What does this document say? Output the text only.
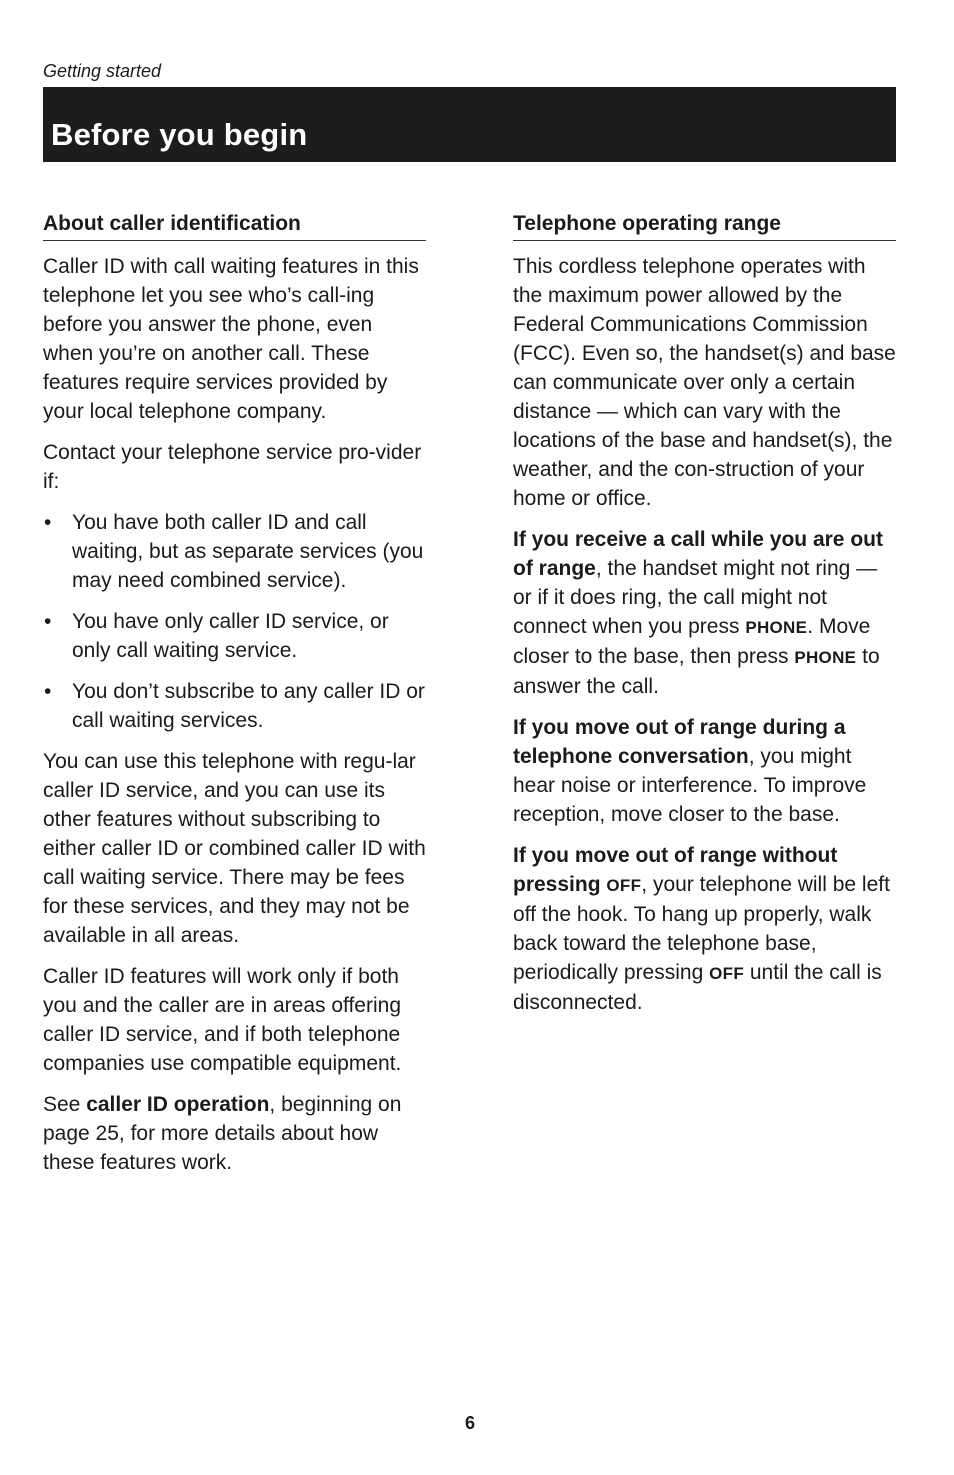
Getting started
Before you begin
About caller identification

Caller ID with call waiting features in this telephone let you see who’s call-ing before you answer the phone, even when you’re on another call. These features require services provided by your local telephone company.

Contact your telephone service pro-vider if:

• You have both caller ID and call waiting, but as separate services (you may need combined service).
• You have only caller ID service, or only call waiting service.
• You don’t subscribe to any caller ID or call waiting services.

You can use this telephone with regu-lar caller ID service, and you can use its other features without subscribing to either caller ID or combined caller ID with call waiting service. There may be fees for these services, and they may not be available in all areas.

Caller ID features will work only if both you and the caller are in areas offering caller ID service, and if both telephone companies use compatible equipment.

See caller ID operation, beginning on page 25, for more details about how these features work.

Telephone operating range

This cordless telephone operates with the maximum power allowed by the Federal Communications Commission (FCC). Even so, the handset(s) and base can communicate over only a certain distance — which can vary with the locations of the base and handset(s), the weather, and the con-struction of your home or office.

If you receive a call while you are out of range, the handset might not ring — or if it does ring, the call might not connect when you press PHONE. Move closer to the base, then press PHONE to answer the call.

If you move out of range during a telephone conversation, you might hear noise or interference. To improve reception, move closer to the base.

If you move out of range without pressing OFF, your telephone will be left off the hook. To hang up properly, walk back toward the telephone base, periodically pressing OFF until the call is disconnected.

6
